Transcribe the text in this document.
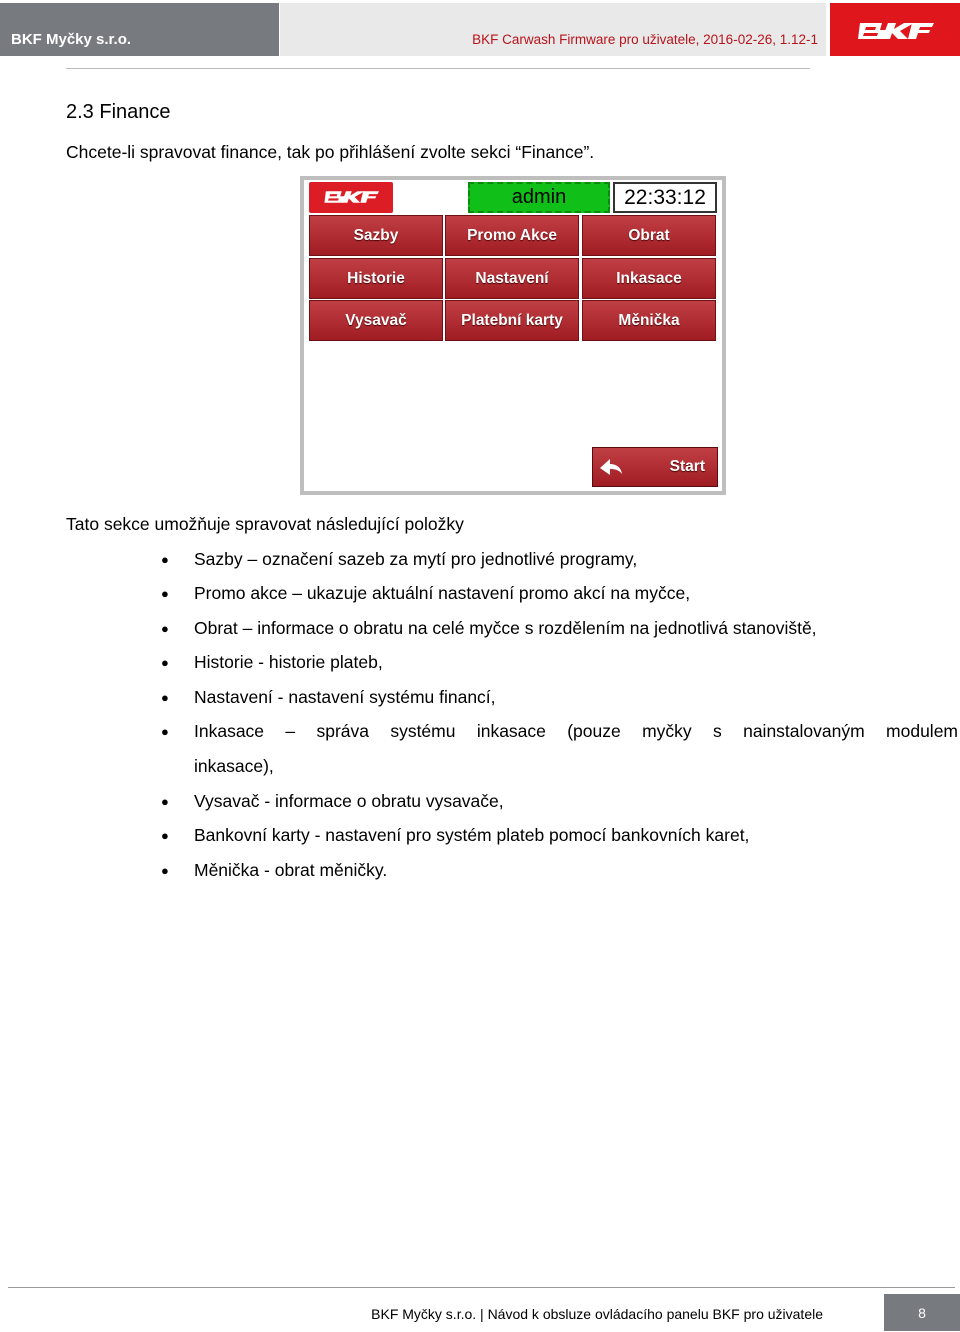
BKF Myčky s.r.o.	BKF Carwash Firmware pro uživatele, 2016-02-26, 1.12-1
2.3 Finance
Chcete-li spravovat finance, tak po přihlášení zvolte sekci “Finance”.
admin	22:33:12
Sazby	Promo Akce	Obrat
Historie	Nastavení	Inkasace
Vysavač	Platební karty	Měnička
Start
Tato sekce umožňuje spravovat následující položky
● Sazby – označení sazeb za mytí pro jednotlivé programy,
● Promo akce – ukazuje aktuální nastavení promo akcí na myčce,
● Obrat – informace o obratu na celé myčce s rozdělením na jednotlivá stanoviště,
● Historie - historie plateb,
● Nastavení - nastavení systému financí,
● Inkasace – správa systému inkasace (pouze myčky s nainstalovaným modulem
inkasace),
● Vysavač - informace o obratu vysavače,
● Bankovní karty - nastavení pro systém plateb pomocí bankovních karet,
● Měnička - obrat měničky.
BKF Myčky s.r.o. | Návod k obsluze ovládacího panelu BKF pro uživatele	8
